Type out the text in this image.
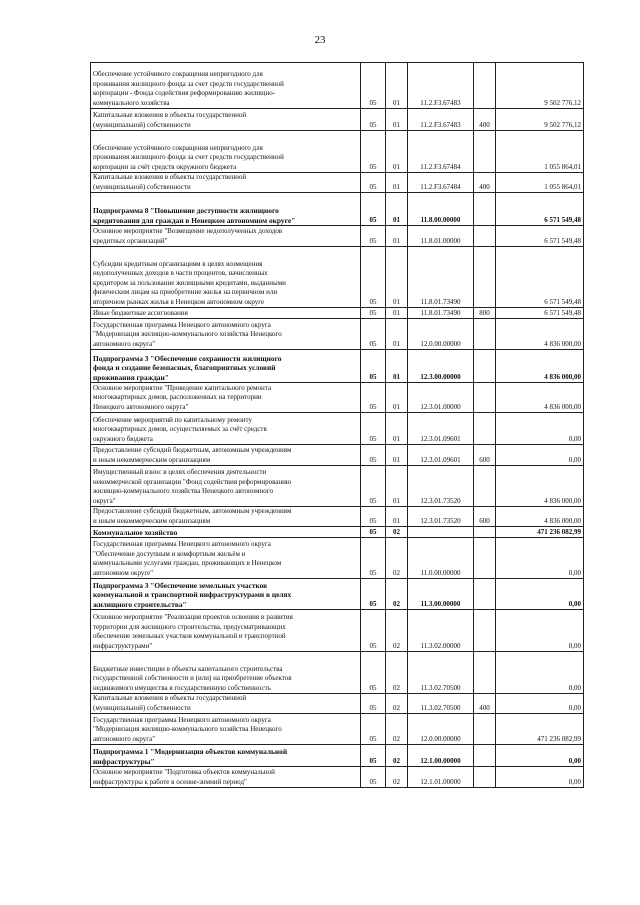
23
Обеспечение устойчивого сокращения непригодного для
проживания жилищного фонда за счет средств государственной
корпорации - Фонда содействия реформированию жилищно-
коммунального хозяйства	05	01	11.2.F3.67483		9 502 776,12
Капитальные вложения в объекты государственной
(муниципальной) собственности	05	01	11.2.F3.67483	400	9 502 776,12

Обеспечение устойчивого сокращения непригодного для
проживания жилищного фонда за счет средств государственной
корпорации за счёт средств окружного бюджета	05	01	11.2.F3.67484		1 055 864,01
Капитальные вложения в объекты государственной
(муниципальной) собственности	05	01	11.2.F3.67484	400	1 055 864,01

Подпрограмма 8 "Повышение доступности жилищного
кредитования для граждан в Ненецком автономном округе"	05	01	11.8.00.00000		6 571 549,48
Основное мероприятие "Возмещение недополученных доходов
кредитных организаций"	05	01	11.8.01.00000		6 571 549,48

Субсидии кредитным организациям в целях возмещения
недополученных доходов в части процентов, начисленных
кредитором за пользование жилищными кредитами, выданными
физическим лицам на приобретение жилья на первичном или
вторичном рынках жилья в Ненецком автономном округе	05	01	11.8.01.73490		6 571 549,48
Иные бюджетные ассигнования	05	01	11.8.01.73490	800	6 571 549,48
Государственная программа Ненецкого автономного округа
"Модернизация жилищно-коммунального хозяйства Ненецкого
автономного округа"	05	01	12.0.00.00000		4 836 000,00
Подпрограмма 3 "Обеспечение сохранности жилищного
фонда и создание безопасных, благоприятных условий
проживания граждан"	05	01	12.3.00.00000		4 836 000,00
Основное мероприятие "Проведение капитального ремонта
многоквартирных домов, расположенных на территории
Ненецкого автономного округа"	05	01	12.3.01.00000		4 836 000,00
Обеспечение мероприятий по капитальному ремонту
многоквартирных домов, осуществляемых за счёт средств
окружного бюджета	05	01	12.3.01.09601		0,00
Предоставление субсидий бюджетным, автономным учреждениям
и иным некоммерческим организациям	05	01	12.3.01.09601	600	0,00
Имущественный взнос в целях обеспечения деятельности
некоммерческой организации "Фонд содействия реформированию
жилищно-коммунального хозяйства Ненецкого автономного
округа"	05	01	12.3.01.73520		4 836 000,00
Предоставление субсидий бюджетным, автономным учреждениям
и иным некоммерческим организациям	05	01	12.3.01.73520	600	4 836 000,00
Коммунальное хозяйство	05	02			471 236 082,99
Государственная программа Ненецкого автономного округа
"Обеспечение доступным и комфортным жильём и
коммунальными услугами граждан, проживающих в Ненецком
автономном округе"	05	02	11.0.00.00000		0,00
Подпрограмма 3 "Обеспечение земельных участков
коммунальной и транспортной инфраструктурами в целях
жилищного строительства"	05	02	11.3.00.00000		0,00
Основное мероприятие "Реализация проектов освоения и развития
территории для жилищного строительства, предусматривающих
обеспечение земельных участков коммунальной и транспортной
инфраструктурами"	05	02	11.3.02.00000		0,00

Бюджетные инвестиции в объекты капитального строительства
государственной собственности и (или) на приобретение объектов
недвижимого имущества в государственную собственность	05	02	11.3.02.70500		0,00
Капитальные вложения в объекты государственной
(муниципальной) собственности	05	02	11.3.02.70500	400	0,00
Государственная программа Ненецкого автономного округа
"Модернизация жилищно-коммунального хозяйства Ненецкого
автономного округа"	05	02	12.0.00.00000		471 236 082,99
Подпрограмма 1 "Модернизация объектов коммунальной
инфраструктуры"	05	02	12.1.00.00000		0,00
Основное мероприятие "Подготовка объектов коммунальной
инфраструктуры к работе в осенне-зимний период"	05	02	12.1.01.00000		0,00
